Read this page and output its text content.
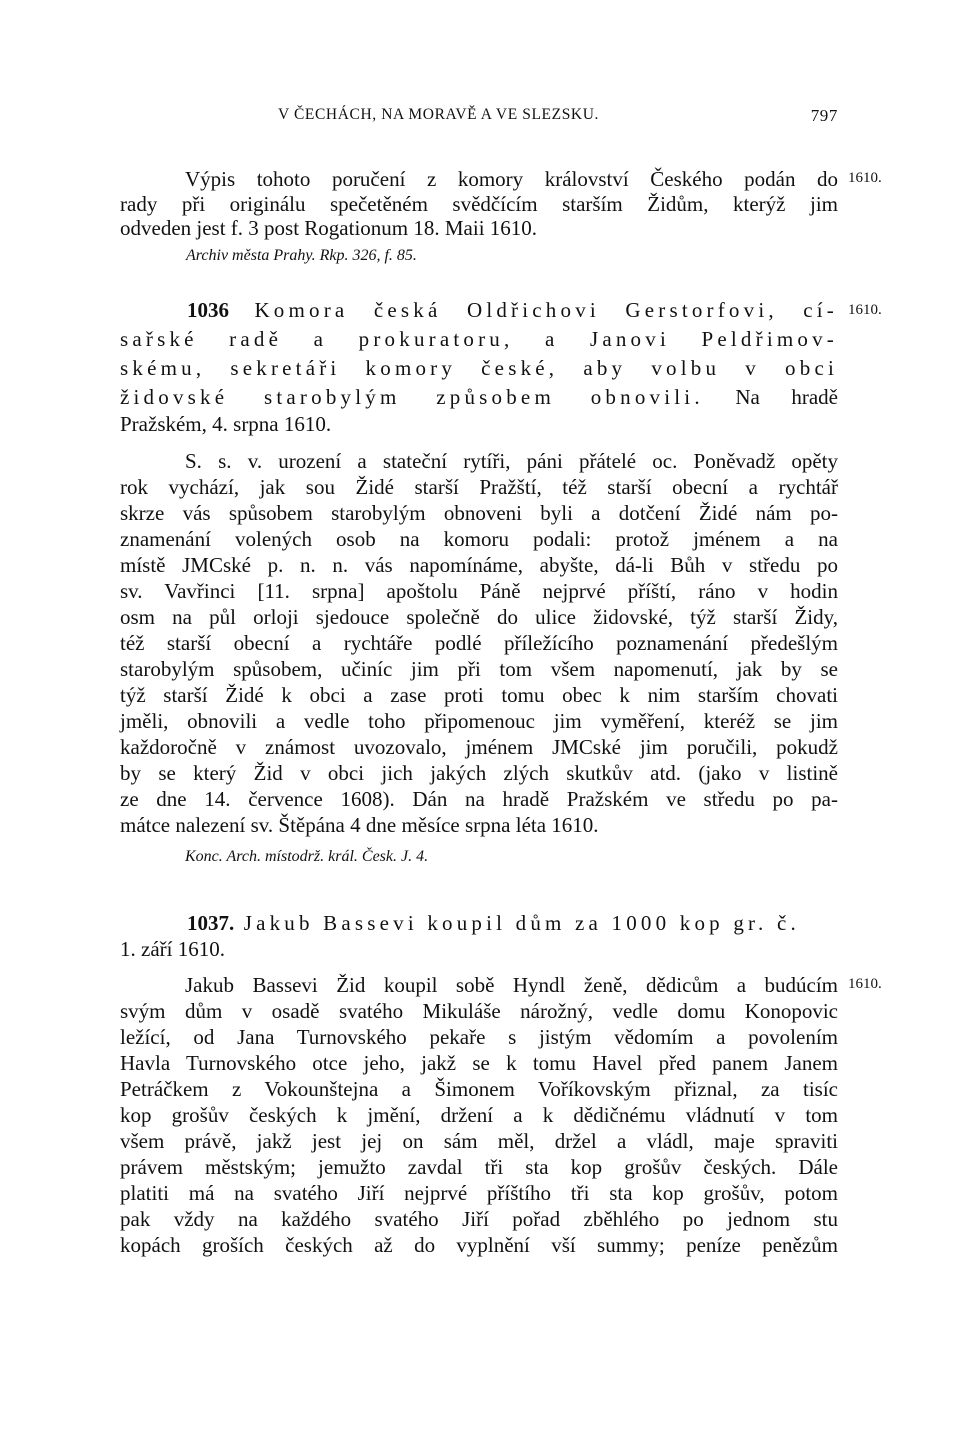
V ČECHÁCH, NA MORAVĚ A VE SLEZSKU.	797
Výpis tohoto poručení z komory království Českého podán do 1610.
rady při originálu spečetěném svědčícím starším Židům, kterýž jim
odveden jest f. 3 post Rogationum 18. Maii 1610.
Archiv města Prahy. Rkp. 326, f. 85.
1036 Komora česká Oldřichovi Gerstorfovi, cí- 1610.
sařské radě a prokuratoru, a Janovi Peldřimov-
skému, sekretáři komory české, aby volbu v obci
židovské starobylým způsobem obnovili. Na hradě
Pražském, 4. srpna 1610.
S. s. v. urození a stateční rytíři, páni přátelé oc. Poněvadž opěty
rok vychází, jak sou Židé starší Pražští, též starší obecní a rychtář
skrze vás spůsobem starobylým obnoveni byli a dotčení Židé nám po-
znamenání volených osob na komoru podali: protož jménem a na
místě JMCské p. n. n. vás napomínáme, abyšte, dá-li Bůh v středu po
sv. Vavřinci [11. srpna] apoštolu Páně nejprvé příští, ráno v hodin
osm na půl orloji sjedouce společně do ulice židovské, týž starší Židy,
též starší obecní a rychtáře podlé příležícího poznamenání předešlým
starobylým spůsobem, učiníc jim při tom všem napomenutí, jak by se
týž starší Židé k obci a zase proti tomu obec k nim starším chovati
jměli, obnovili a vedle toho připomenouc jim vyměření, kteréž se jim
každoročně v známost uvozovalo, jménem JMCské jim poručili, pokudž
by se který Žid v obci jich jakých zlých skutkův atd. (jako v listině
ze dne 14. července 1608). Dán na hradě Pražském ve středu po pa-
mátce nalezení sv. Štěpána 4 dne měsíce srpna léta 1610.
Konc. Arch. místodrž. král. Česk. Ј. 4.
1037. Jakub Bassevi koupil dům za 1000 kop gr. č.
1. září 1610.
1610.
Jakub Bassevi Žid koupil sobě Hyndl ženě, dědicům a budúcím
svým dům v osadě svatého Mikuláše nárožný, vedle domu Konopovic
ležící, od Jana Turnovského pekaře s jistým vědomím a povolením
Havla Turnovského otce jeho, jakž se k tomu Havel před panem Janem
Petráčkem z Vokounštejna a Šimonem Voříkovským přiznal, za tisíc
kop grošův českých k jmění, držení a k dědičnému vládnutí v tom
všem právě, jakž jest jej on sám měl, držel a vládl, maje spraviti
právem městským; jemužto zavdal tři sta kop grošův českých. Dále
platiti má na svatého Jiří nejprvé příštího tři sta kop grošův, potom
pak vždy na každého svatého Jiří pořad zběhlého po jednom stu
kopách groších českých až do vyplnění vší summy; peníze penězům
